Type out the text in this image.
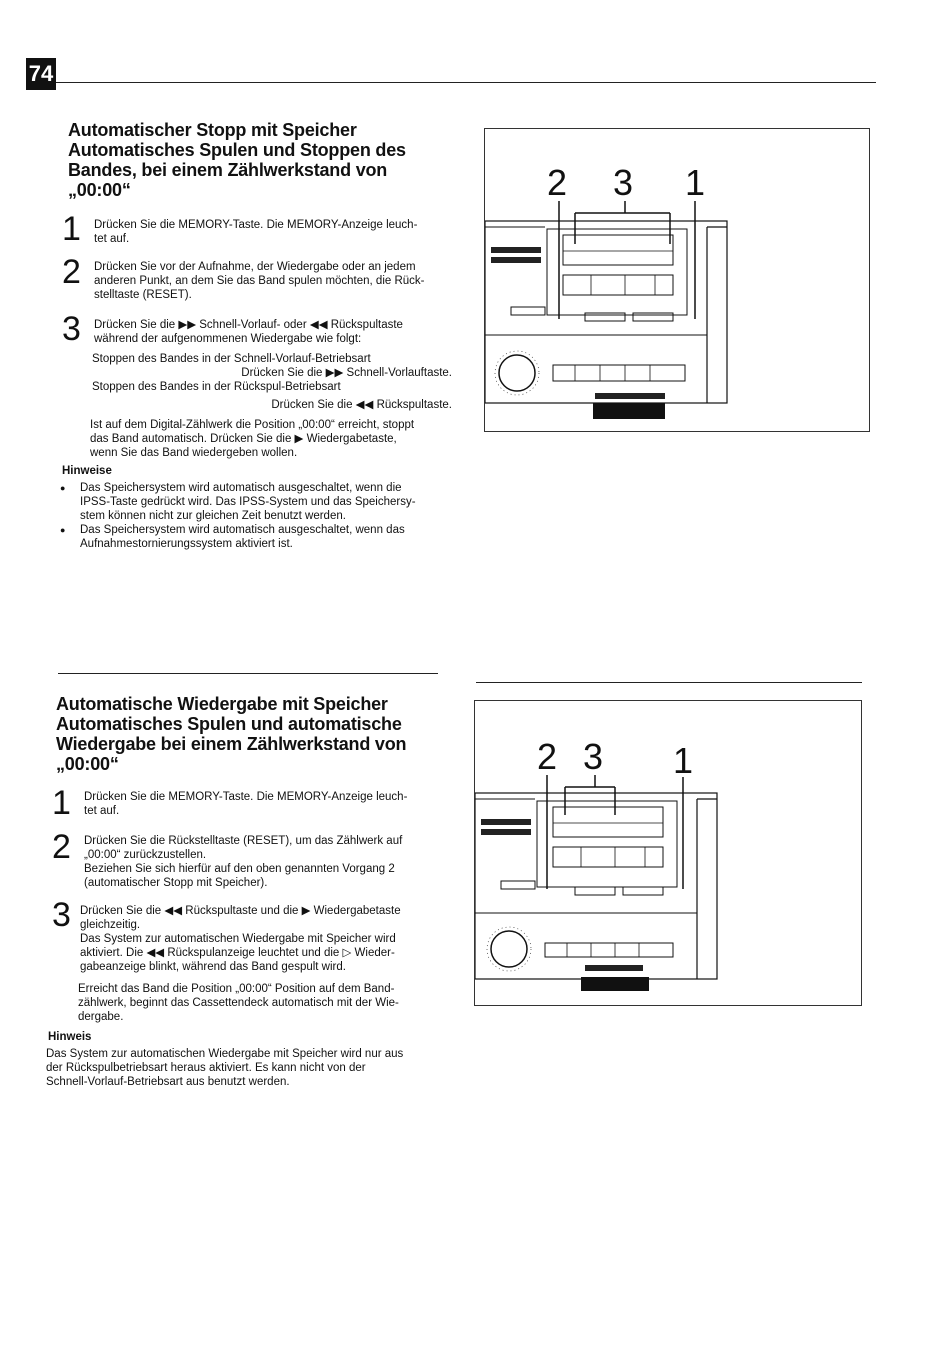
74
Automatischer Stopp mit Speicher
Automatisches Spulen und Stoppen des
Bandes, bei einem Zählwerkstand von
„00:00“
1 Drücken Sie die MEMORY-Taste. Die MEMORY-Anzeige leuch-
tet auf.
2 Drücken Sie vor der Aufnahme, der Wiedergabe oder an jedem
anderen Punkt, an dem Sie das Band spulen möchten, die Rück-
stelltaste (RESET).
3 Drücken Sie die ▶▶ Schnell-Vorlauf- oder ◀◀ Rückspultaste
während der aufgenommenen Wiedergabe wie folgt:
Stoppen des Bandes in der Schnell-Vorlauf-Betriebsart
Drücken Sie die ▶▶ Schnell-Vorlauftaste.
Stoppen des Bandes in der Rückspul-Betriebsart
Drücken Sie die ◀◀ Rückspultaste.
Ist auf dem Digital-Zählwerk die Position „00:00“ erreicht, stoppt
das Band automatisch. Drücken Sie die ▶ Wiedergabetaste,
wenn Sie das Band wiedergeben wollen.
Hinweise
● Das Speichersystem wird automatisch ausgeschaltet, wenn die
IPSS-Taste gedrückt wird. Das IPSS-System und das Speichersy-
stem können nicht zur gleichen Zeit benutzt werden.
● Das Speichersystem wird automatisch ausgeschaltet, wenn das
Aufnahmestornierungssystem aktiviert ist.
2 3 1
Automatische Wiedergabe mit Speicher
Automatisches Spulen und automatische
Wiedergabe bei einem Zählwerkstand von
„00:00“
1 Drücken Sie die MEMORY-Taste. Die MEMORY-Anzeige leuch-
tet auf.
2 Drücken Sie die Rückstelltaste (RESET), um das Zählwerk auf
„00:00“ zurückzustellen.
Beziehen Sie sich hierfür auf den oben genannten Vorgang 2
(automatischer Stopp mit Speicher).
3 Drücken Sie die ◀◀ Rückspultaste und die ▶ Wiedergabetaste
gleichzeitig.
Das System zur automatischen Wiedergabe mit Speicher wird
aktiviert. Die ◀◀ Rückspulanzeige leuchtet und die ▷ Wieder-
gabeanzeige blinkt, während das Band gespult wird.
Erreicht das Band die Position „00:00“ Position auf dem Band-
zählwerk, beginnt das Cassettendeck automatisch mit der Wie-
dergabe.
Hinweis
Das System zur automatischen Wiedergabe mit Speicher wird nur aus
der Rückspulbetriebsart heraus aktiviert. Es kann nicht von der
Schnell-Vorlauf-Betriebsart aus benutzt werden.
2 3 1
